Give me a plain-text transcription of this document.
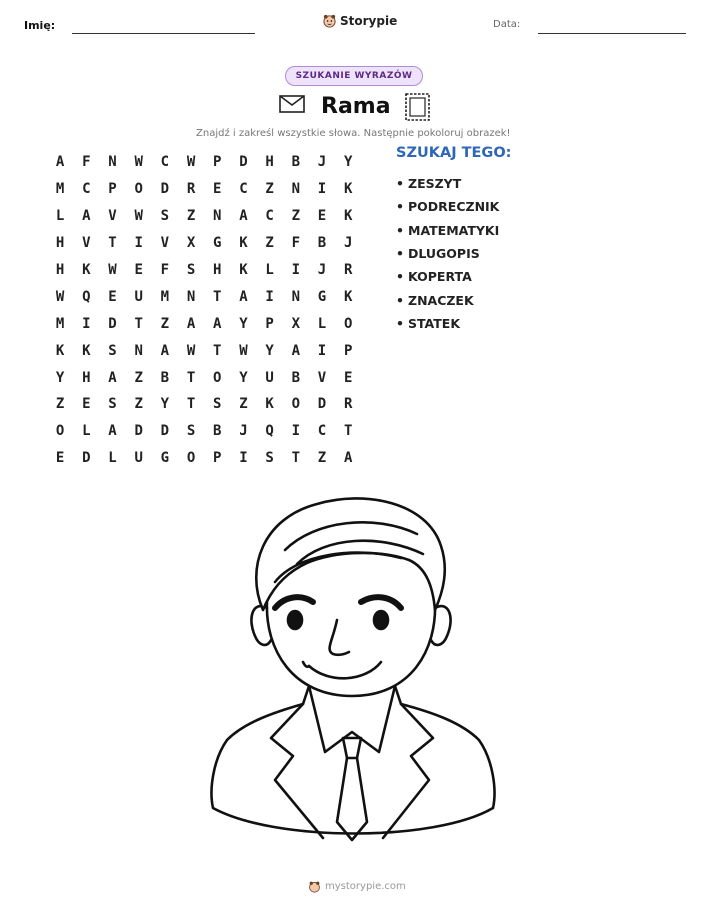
Imię:	Storypie	Data:
SZUKANIE WYRAZÓW
Rama
Znajdź i zakreśl wszystkie słowa. Następnie pokoloruj obrazek!
A	F	N	W	C	W	P	D	H	B	J	Y
M	C	P	O	D	R	E	C	Z	N	I	K
L	A	V	W	S	Z	N	A	C	Z	E	K
H	V	T	I	V	X	G	K	Z	F	B	J
H	K	W	E	F	S	H	K	L	I	J	R
W	Q	E	U	M	N	T	A	I	N	G	K
M	I	D	T	Z	A	A	Y	P	X	L	O
K	K	S	N	A	W	T	W	Y	A	I	P
Y	H	A	Z	B	T	O	Y	U	B	V	E
Z	E	S	Z	Y	T	S	Z	K	O	D	R
O	L	A	D	D	S	B	J	Q	I	C	T
E	D	L	U	G	O	P	I	S	T	Z	A
SZUKAJ TEGO:
• ZESZYT
• PODRECZNIK
• MATEMATYKI
• DLUGOPIS
• KOPERTA
• ZNACZEK
• STATEK
mystorypie.com
